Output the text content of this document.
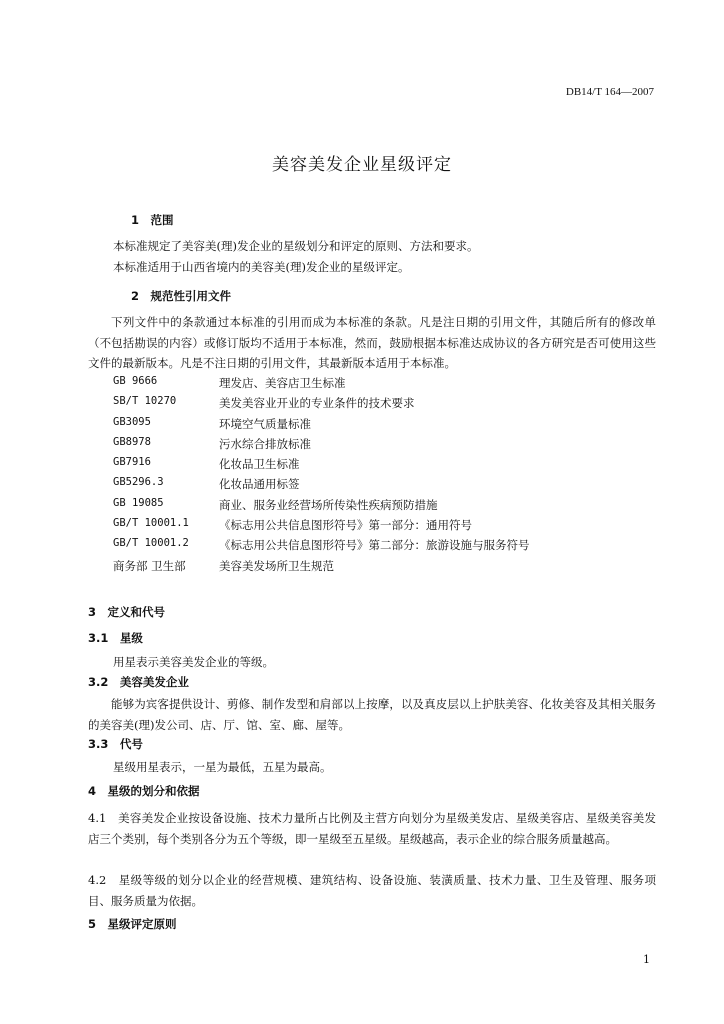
DB14/T 164—2007
美容美发企业星级评定
1　范围
本标准规定了美容美(理)发企业的星级划分和评定的原则、方法和要求。
本标准适用于山西省境内的美容美(理)发企业的星级评定。
2　规范性引用文件
下列文件中的条款通过本标准的引用而成为本标准的条款。凡是注日期的引用文件，其随后所有的修改单（不包括勘误的内容）或修订版均不适用于本标准，然而，鼓励根据本标准达成协议的各方研究是否可使用这些文件的最新版本。凡是不注日期的引用文件，其最新版本适用于本标准。
GB 9666	理发店、美容店卫生标准
SB/T 10270	美发美容业开业的专业条件的技术要求
GB3095	环境空气质量标准
GB8978	污水综合排放标准
GB7916	化妆品卫生标准
GB5296.3	化妆品通用标签
GB 19085	商业、服务业经营场所传染性疾病预防措施
GB/T 10001.1	《标志用公共信息图形符号》第一部分：通用符号
GB/T 10001.2	《标志用公共信息图形符号》第二部分：旅游设施与服务符号
商务部 卫生部	美容美发场所卫生规范
3　定义和代号
3.1　星级
用星表示美容美发企业的等级。
3.2　美容美发企业
能够为宾客提供设计、剪修、制作发型和肩部以上按摩，以及真皮层以上护肤美容、化妆美容及其相关服务的美容美(理)发公司、店、厅、馆、室、廊、屋等。
3.3　代号
星级用星表示，一星为最低，五星为最高。
4　星级的划分和依据
4.1　美容美发企业按设备设施、技术力量所占比例及主营方向划分为星级美发店、星级美容店、星级美容美发店三个类别，每个类别各分为五个等级，即一星级至五星级。星级越高，表示企业的综合服务质量越高。
4.2　星级等级的划分以企业的经营规模、建筑结构、设备设施、装潢质量、技术力量、卫生及管理、服务项目、服务质量为依据。
5　星级评定原则
1
